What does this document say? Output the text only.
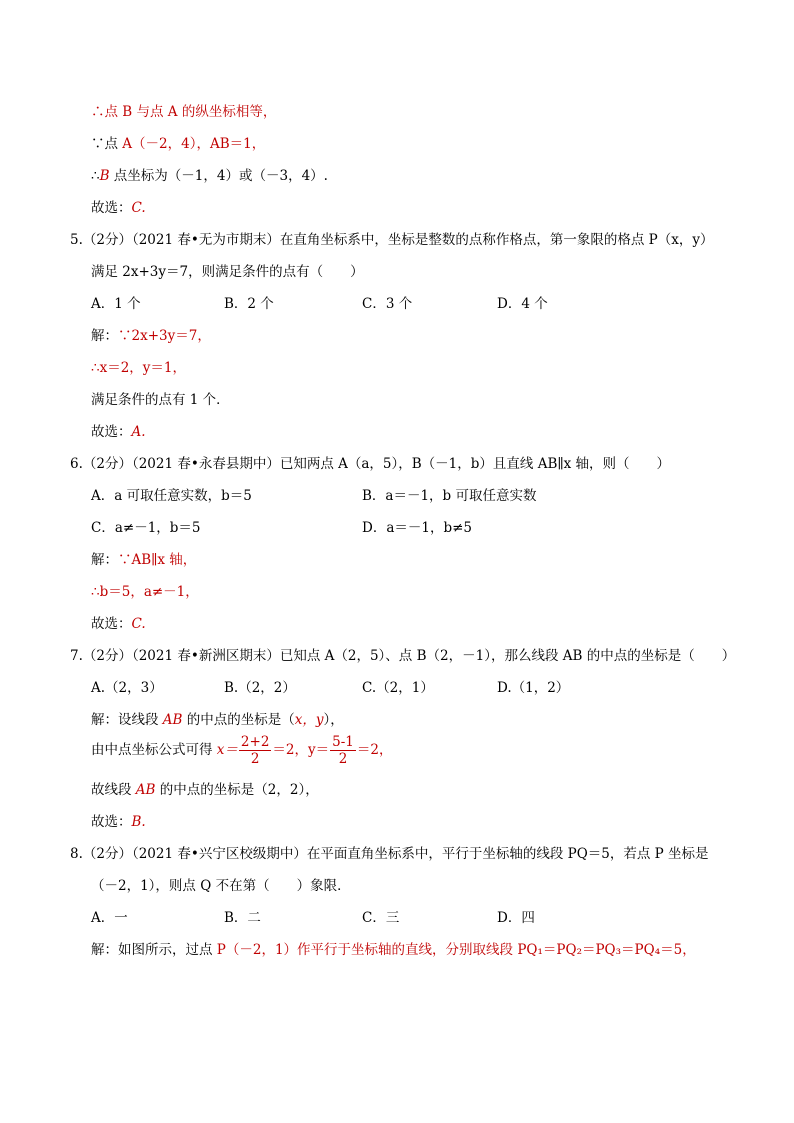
∴点 B 与点 A 的纵坐标相等，
∵点 A（－2，4），AB＝1，
∴B 点坐标为（－1，4）或（－3，4）.
故选：C.
5.（2分）（2021 春•无为市期末）在直角坐标系中，坐标是整数的点称作格点，第一象限的格点 P（x，y）
满足 2x+3y＝7，则满足条件的点有（　　）
A．1 个	B．2 个	C．3 个	D．4 个
解：∵2x+3y＝7，
∴x＝2，y＝1，
满足条件的点有 1 个．
故选：A.
6.（2分）（2021 春•永春县期中）已知两点 A（a，5），B（－1，b）且直线 AB∥x 轴，则（　　）
A．a 可取任意实数，b＝5	B．a＝－1，b 可取任意实数
C．a≠－1，b＝5	D．a＝－1，b≠5
解：∵AB∥x 轴，
∴b＝5，a≠－1，
故选：C.
7.（2分）（2021 春•新洲区期末）已知点 A（2，5）、点 B（2，－1），那么线段 AB 的中点的坐标是（　　）
A.（2，3）	B.（2，2）	C.（2，1）	D.（1，2）
解：设线段 AB 的中点的坐标是（x，y），
由中点坐标公式可得 $x= \frac{2+2}{2} =2$，$y= \frac{5-1}{2} =2$，
故线段 AB 的中点的坐标是（2，2），
故选：B.
8.（2分）（2021 春•兴宁区校级期中）在平面直角坐标系中，平行于坐标轴的线段 PQ＝5，若点 P 坐标是
（－2，1），则点 Q 不在第（　　）象限．
A．一	B．二	C．三	D．四
解：如图所示，过点 P（－2，1）作平行于坐标轴的直线，分别取线段 PQ₁＝PQ₂＝PQ₃＝PQ₄＝5，
